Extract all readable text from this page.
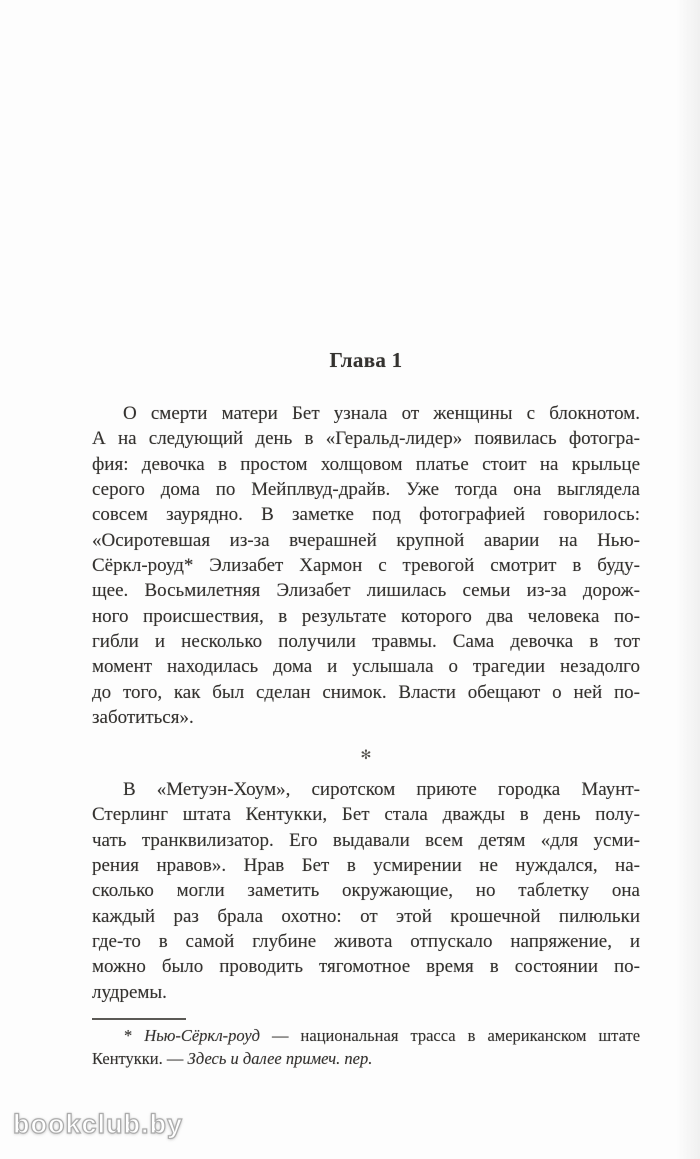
Глава 1
О смерти матери Бет узнала от женщины с блокнотом.
А на следующий день в «Геральд-лидер» появилась фотогра-
фия: девочка в простом холщовом платье стоит на крыльце
серого дома по Мейплвуд-драйв. Уже тогда она выглядела
совсем заурядно. В заметке под фотографией говорилось:
«Осиротевшая из-за вчерашней крупной аварии на Нью-
Сёркл-роуд* Элизабет Хармон с тревогой смотрит в буду-
щее. Восьмилетняя Элизабет лишилась семьи из-за дорож-
ного происшествия, в результате которого два человека по-
гибли и несколько получили травмы. Сама девочка в тот
момент находилась дома и услышала о трагедии незадолго
до того, как был сделан снимок. Власти обещают о ней по-
заботиться».
✻
В «Метуэн-Хоум», сиротском приюте городка Маунт-
Стерлинг штата Кентукки, Бет стала дважды в день полу-
чать транквилизатор. Его выдавали всем детям «для усми-
рения нравов». Нрав Бет в усмирении не нуждался, на-
сколько могли заметить окружающие, но таблетку она
каждый раз брала охотно: от этой крошечной пилюльки
где-то в самой глубине живота отпускало напряжение, и
можно было проводить тягомотное время в состоянии по-
лудремы.
* Нью-Сёркл-роуд — национальная трасса в американском штате
Кентукки. — Здесь и далее примеч. пер.
bookclub.by
